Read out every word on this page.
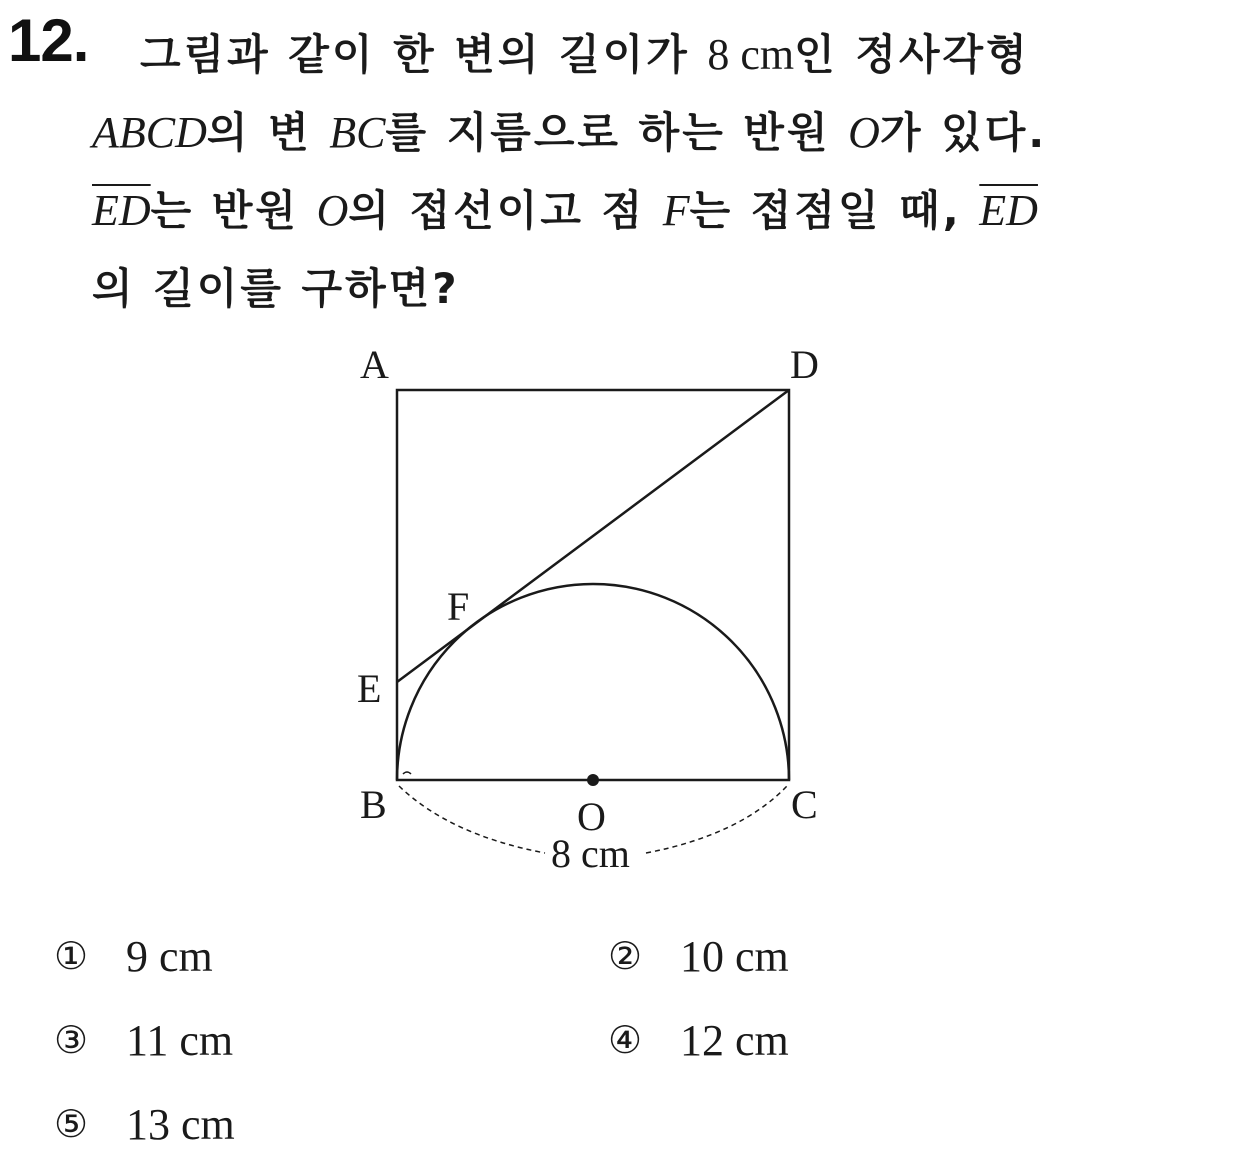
12.	그림과 같이 한 변의 길이가 8 cm인 정사각형
ABCD의 변 BC를 지름으로 하는 반원 O가 있다.
$\overline{ED}$는 반원 O의 접선이고 점 F는 접점일 때, $\overline{ED}$
의 길이를 구하면?
A	D
F
E
B	O	C
8 cm
① 9 cm	② 10 cm
③ 11 cm	④ 12 cm
⑤ 13 cm
